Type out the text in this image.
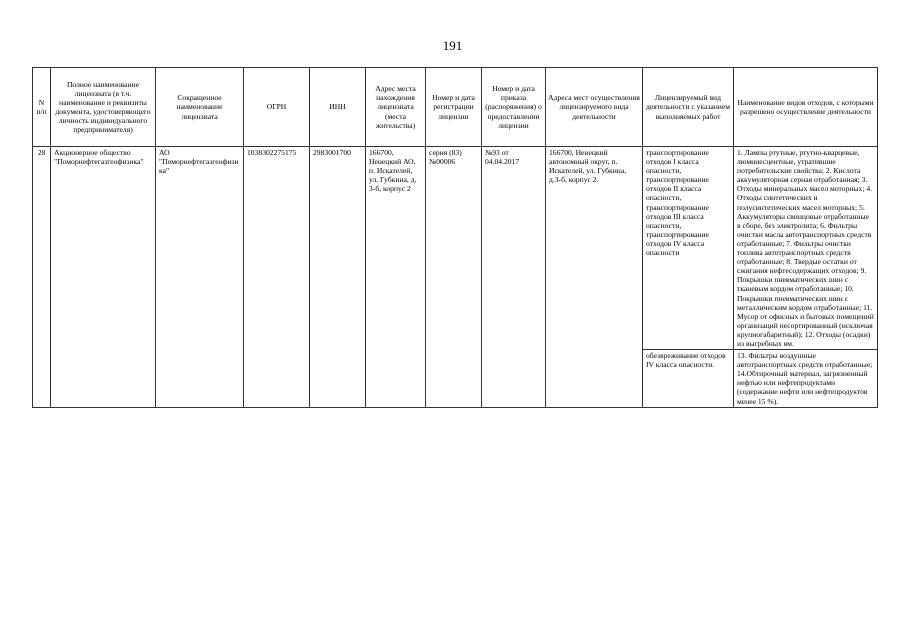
191
N п/п	Полное наименование лицензиата (в т.ч. наименование и реквизиты документа, удостоверяющего личность индивидуального предпринимателя)	Сокращенное наименование лицензиата	ОГРН	ИНН	Адрес места нахождения лицензиата (места жительства)	Номер и дата регистрации лицензии	Номер и дата приказа (распоряжения) о предоставлении лицензии	Адреса мест осуществления лицензируемого вида деятельности	Лицензируемый вид деятельности с указанием выполняемых работ	Наименование видов отходов, с которыми разрешено осуществление деятельности
28	Акционерное общество "Поморнефтегазгеофизика"	АО "Поморнефтегазгеофизика"	1038302275175	2983001700	166700, Ненецкий АО, п. Искателей, ул. Губкина, д. 3-б, корпус 2	серия (83) №00006	№93 от 04.04.2017	166700, Ненецкий автономный округ, п. Искателей, ул. Губкина, д.3-б, корпус 2.	транспортирование отходов I класса опасности, транспортирование отходов II класса опасности, транспортирование отходов III класса опасности, транспортирование отходов IV класса опасности	1. Лампы ртутные, ртутно-кварцевые, люминесцентные, утратившие потребительские свойства; 2. Кислота аккумуляторная серная отработанная; 3. Отходы минеральных масел моторных; 4. Отходы синтетических и полусинтетических масел моторных; 5. Аккумуляторы свинцовые отработанные в сборе, без электролита; 6. Фильтры очистки масла автотранспортных средств отработанные; 7. Фильтры очистки топлива автотранспортных средств отработанные; 8. Твердые остатки от сжигания нефтесодержащих отходов; 9. Покрышки пневматических шин с тканевым кордом отработанные; 10. Покрышки пневматических шин с металлическим кордом отработанные; 11. Мусор от офисных и бытовых помещений организаций несортированный (исключая крупногабаритный); 12. Отходы (осадки) из выгребных ям.
									обезвреживание отходов IV класса опасности.	13. Фильтры воздушные автотранспортных средств отработанные; 14.Обтирочный материал, загрязненный нефтью или нефтепродуктами (содержание нефти или нефтепродуктов менее 15 %).
